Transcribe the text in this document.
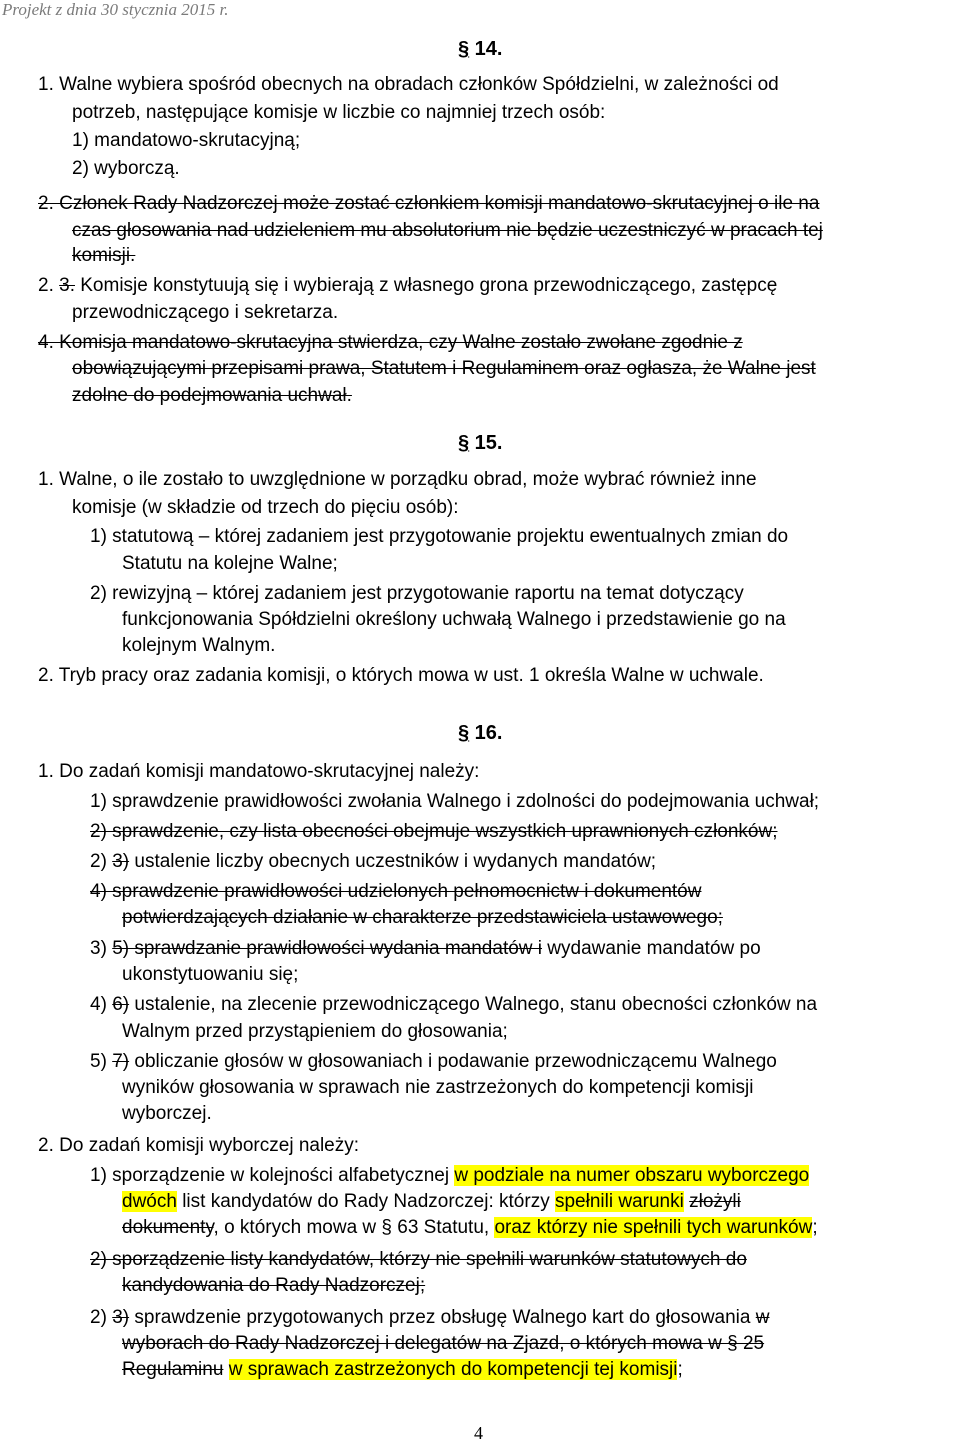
Projekt z dnia 30 stycznia 2015 r.
§ 14.
1. Walne wybiera spośród obecnych na obradach członków Spółdzielni, w zależności od
potrzeb, następujące komisje w liczbie co najmniej trzech osób:
1) mandatowo-skrutacyjną;
2) wyborczą.
2. Członek Rady Nadzorczej może zostać członkiem komisji mandatowo-skrutacyjnej o ile na
czas głosowania nad udzieleniem mu absolutorium nie będzie uczestniczyć w pracach tej
komisji.
2. 3. Komisje konstytuują się i wybierają z własnego grona przewodniczącego, zastępcę
przewodniczącego i sekretarza.
4. Komisja mandatowo-skrutacyjna stwierdza, czy Walne zostało zwołane zgodnie z
obowiązującymi przepisami prawa, Statutem i Regulaminem oraz ogłasza, że Walne jest
zdolne do podejmowania uchwał.
§ 15.
1. Walne, o ile zostało to uwzględnione w porządku obrad, może wybrać również inne
komisje (w składzie od trzech do pięciu osób):
1) statutową – której zadaniem jest przygotowanie projektu ewentualnych zmian do
Statutu na kolejne Walne;
2) rewizyjną – której zadaniem jest przygotowanie raportu na temat dotyczący
funkcjonowania Spółdzielni określony uchwałą Walnego i przedstawienie go na
kolejnym Walnym.
2. Tryb pracy oraz zadania komisji, o których mowa w ust. 1 określa Walne w uchwale.
§ 16.
1. Do zadań komisji mandatowo-skrutacyjnej należy:
1) sprawdzenie prawidłowości zwołania Walnego i zdolności do podejmowania uchwał;
2) sprawdzenie, czy lista obecności obejmuje wszystkich uprawnionych członków;
2) 3) ustalenie liczby obecnych uczestników i wydanych mandatów;
4) sprawdzenie prawidłowości udzielonych pełnomocnictw i dokumentów
potwierdzających działanie w charakterze przedstawiciela ustawowego;
3) 5) sprawdzanie prawidłowości wydania mandatów i wydawanie mandatów po
ukonstytuowaniu się;
4) 6) ustalenie, na zlecenie przewodniczącego Walnego, stanu obecności członków na
Walnym przed przystąpieniem do głosowania;
5) 7) obliczanie głosów w głosowaniach i podawanie przewodniczącemu Walnego
wyników głosowania w sprawach nie zastrzeżonych do kompetencji komisji
wyborczej.
2. Do zadań komisji wyborczej należy:
1) sporządzenie w kolejności alfabetycznej w podziale na numer obszaru wyborczego
dwóch list kandydatów do Rady Nadzorczej: którzy spełnili warunki złożyli
dokumenty, o których mowa w § 63 Statutu, oraz którzy nie spełnili tych warunków;
2) sporządzenie listy kandydatów, którzy nie spełnili warunków statutowych do
kandydowania do Rady Nadzorczej;
2) 3) sprawdzenie przygotowanych przez obsługę Walnego kart do głosowania w
wyborach do Rady Nadzorczej i delegatów na Zjazd, o których mowa w § 25
Regulaminu w sprawach zastrzeżonych do kompetencji tej komisji;
4
